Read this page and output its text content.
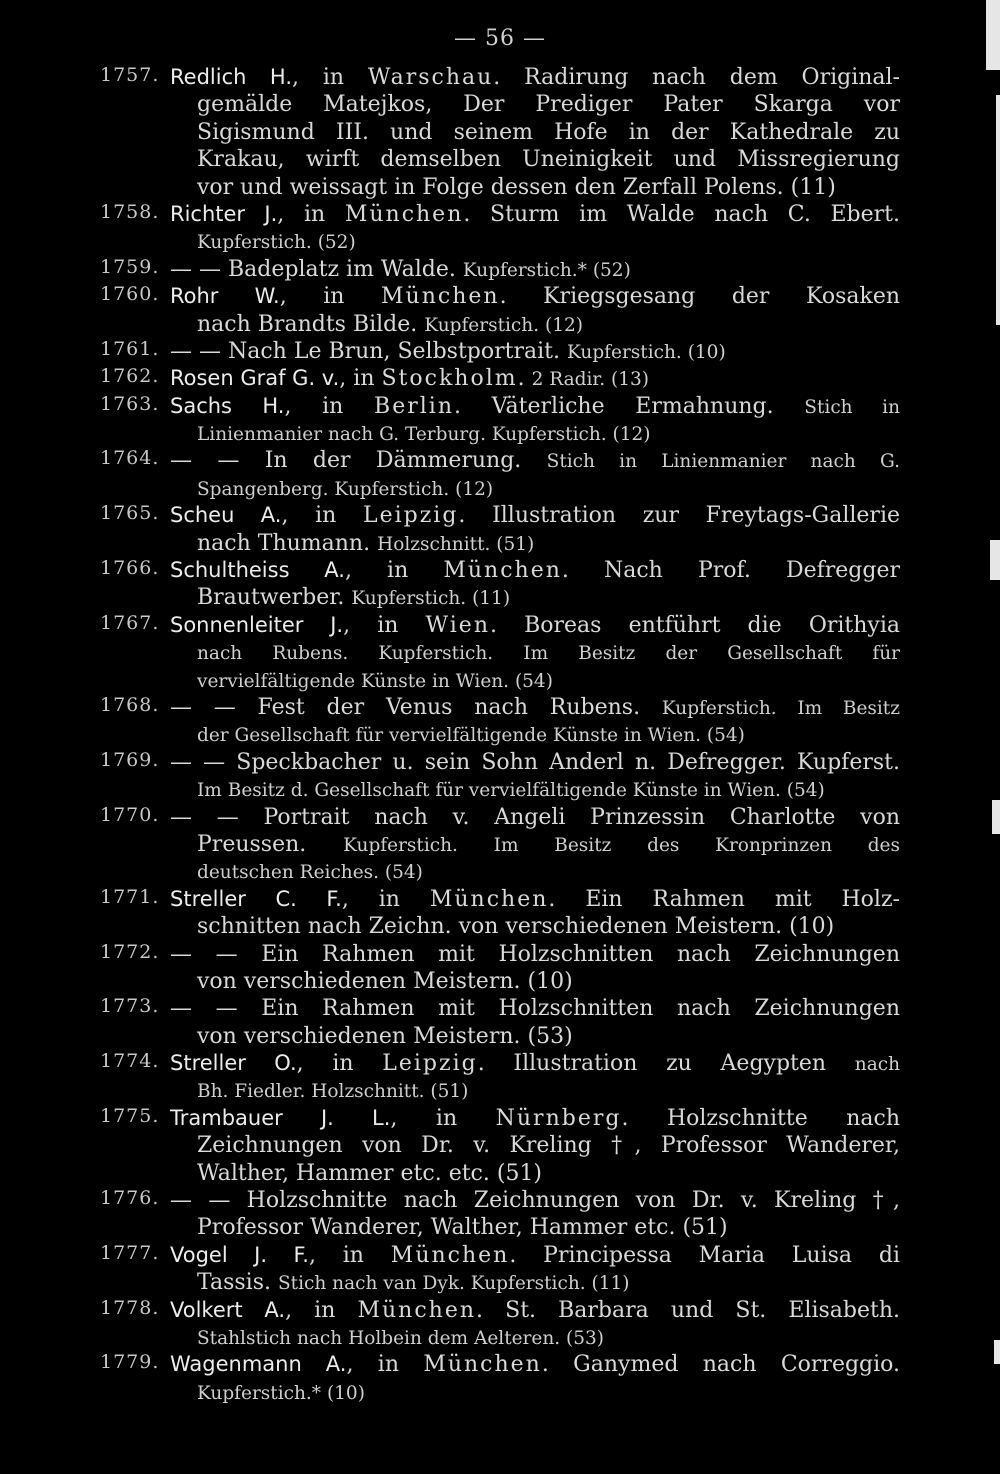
— 56 —
1757. Redlich H., in Warschau. Radirung nach dem Original-
gemälde Matejkos, Der Prediger Pater Skarga vor
Sigismund III. und seinem Hofe in der Kathedrale zu
Krakau, wirft demselben Uneinigkeit und Missregierung
vor und weissagt in Folge dessen den Zerfall Polens. (11)
1758. Richter J., in München. Sturm im Walde nach C. Ebert.
Kupferstich. (52)
1759. — — Badeplatz im Walde. Kupferstich.* (52)
1760. Rohr W., in München. Kriegsgesang der Kosaken
nach Brandts Bilde. Kupferstich. (12)
1761. — — Nach Le Brun, Selbstportrait. Kupferstich. (10)
1762. Rosen Graf G. v., in Stockholm. 2 Radir. (13)
1763. Sachs H., in Berlin. Väterliche Ermahnung. Stich in
Linienmanier nach G. Terburg. Kupferstich. (12)
1764. — — In der Dämmerung. Stich in Linienmanier nach G.
Spangenberg. Kupferstich. (12)
1765. Scheu A., in Leipzig. Illustration zur Freytags-Gallerie
nach Thumann. Holzschnitt. (51)
1766. Schultheiss A., in München. Nach Prof. Defregger
Brautwerber. Kupferstich. (11)
1767. Sonnenleiter J., in Wien. Boreas entführt die Orithyia
nach Rubens. Kupferstich. Im Besitz der Gesellschaft für
vervielfältigende Künste in Wien. (54)
1768. — — Fest der Venus nach Rubens. Kupferstich. Im Besitz
der Gesellschaft für vervielfältigende Künste in Wien. (54)
1769. — — Speckbacher u. sein Sohn Anderl n. Defregger. Kupferst.
Im Besitz d. Gesellschaft für vervielfältigende Künste in Wien. (54)
1770. — — Portrait nach v. Angeli Prinzessin Charlotte von
Preussen. Kupferstich. Im Besitz des Kronprinzen des
deutschen Reiches. (54)
1771. Streller C. F., in München. Ein Rahmen mit Holz-
schnitten nach Zeichn. von verschiedenen Meistern. (10)
1772. — — Ein Rahmen mit Holzschnitten nach Zeichnungen
von verschiedenen Meistern. (10)
1773. — — Ein Rahmen mit Holzschnitten nach Zeichnungen
von verschiedenen Meistern. (53)
1774. Streller O., in Leipzig. Illustration zu Aegypten nach
Bh. Fiedler. Holzschnitt. (51)
1775. Trambauer J. L., in Nürnberg. Holzschnitte nach
Zeichnungen von Dr. v. Kreling †, Professor Wanderer,
Walther, Hammer etc. etc. (51)
1776. — — Holzschnitte nach Zeichnungen von Dr. v. Kreling †,
Professor Wanderer, Walther, Hammer etc. (51)
1777. Vogel J. F., in München. Principessa Maria Luisa di
Tassis. Stich nach van Dyk. Kupferstich. (11)
1778. Volkert A., in München. St. Barbara und St. Elisabeth.
Stahlstich nach Holbein dem Aelteren. (53)
1779. Wagenmann A., in München. Ganymed nach Correggio.
Kupferstich.* (10)
